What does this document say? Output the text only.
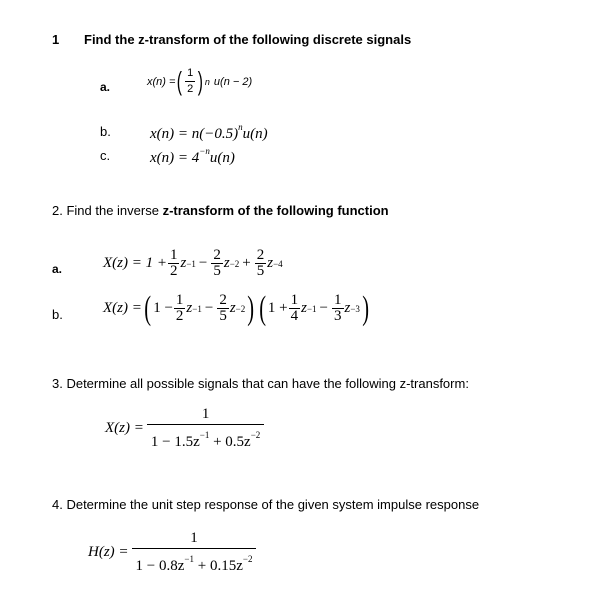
1 Find the z-transform of the following discrete signals
a.	x(n) = ( $\frac{1}{2}$ ) n u(n − 2)
b.	$x(n) = n(-0.5)^nu(n)$
c.	$x(n) = 4^{-n}u(n)$
2. Find the inverse z-transform of the following function
a.	$X(z) = 1 + \frac{1}{2}$ $z -1 - \frac{2}{5}$ $z -2 + \frac{2}{5}$ z −4
b.	X(z) = ( $1 - \frac{1}{2}$ $z -1 - \frac{2}{5}$ z −2 ) ( $1 + \frac{1}{4}$ $z -1 - \frac{1}{3}$ z −3 )
3. Determine all possible signals that can have the following z-transform:
$X(z) = \frac{1}{1 - 1.5z^{-1} + 0.5z^{-2}}$
4. Determine the unit step response of the given system impulse response
$H(z) = \frac{1}{1 - 0.8z^{-1} + 0.15z^{-2}}$
